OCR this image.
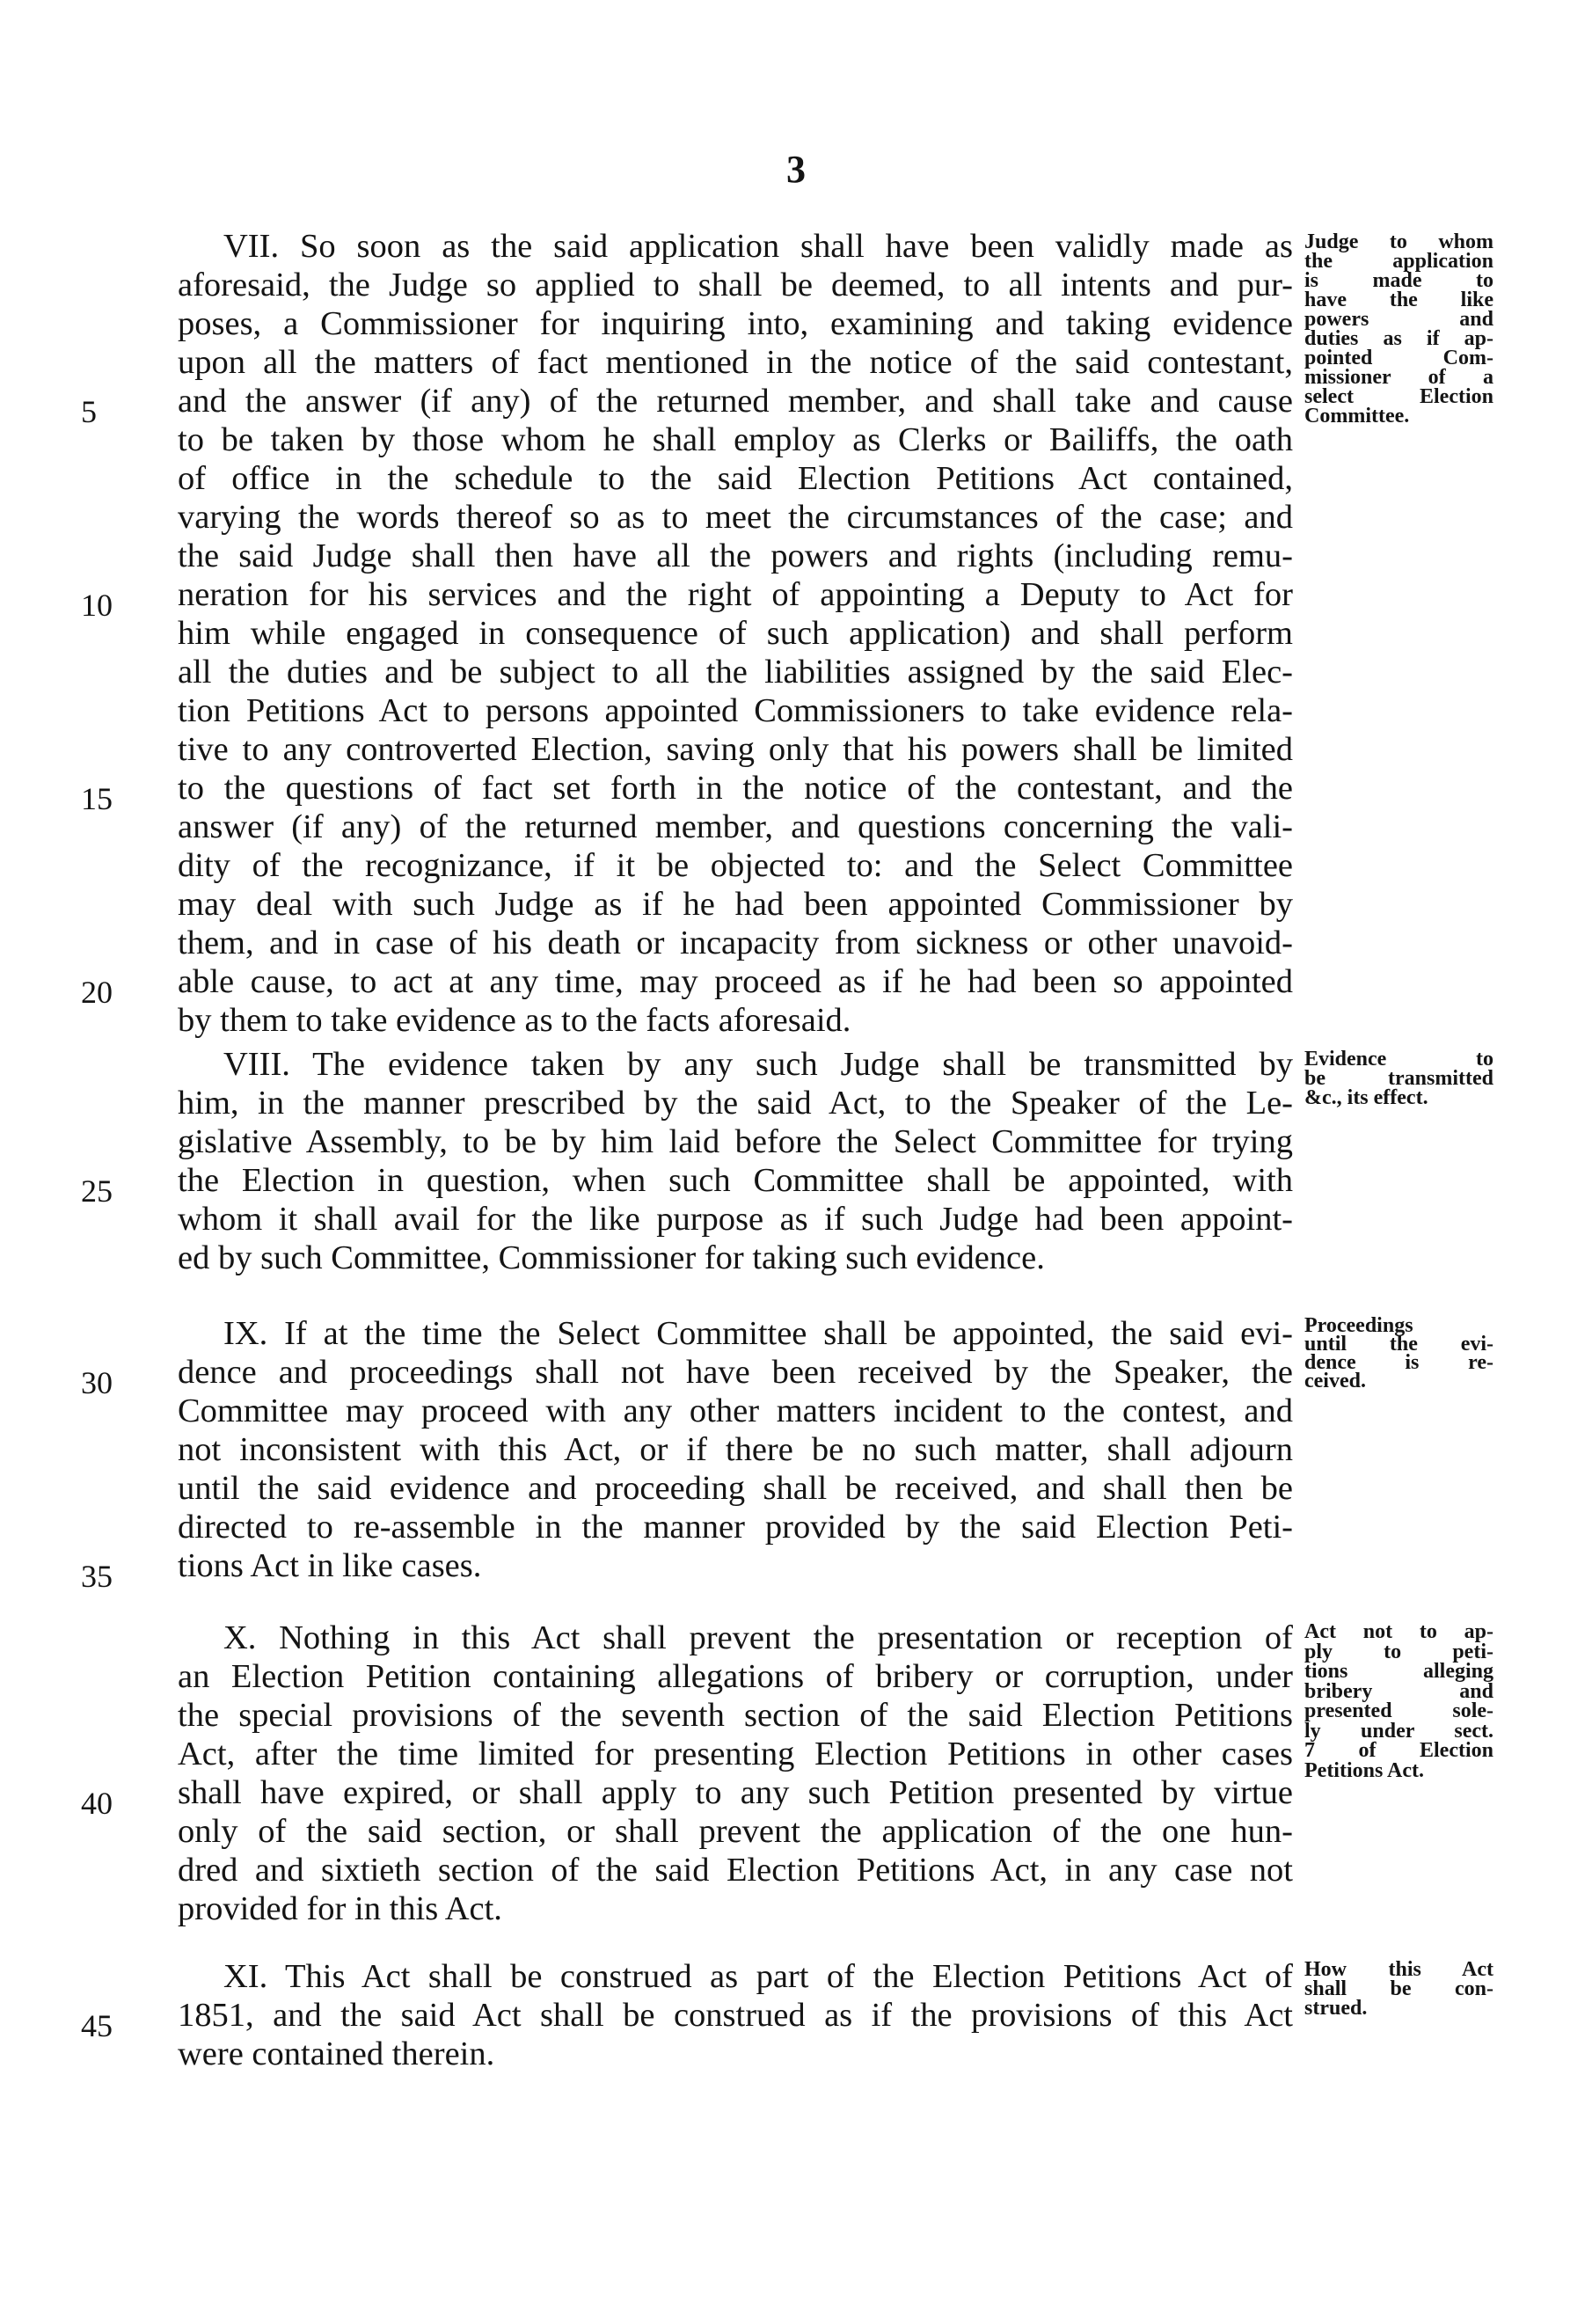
3
VII. So soon as the said application shall have been validly made as
aforesaid, the Judge so applied to shall be deemed, to all intents and pur-
poses, a Commissioner for inquiring into, examining and taking evidence
upon all the matters of fact mentioned in the notice of the said contestant,
and the answer (if any) of the returned member, and shall take and cause
5
to be taken by those whom he shall employ as Clerks or Bailiffs, the oath
of office in the schedule to the said Election Petitions Act contained,
varying the words thereof so as to meet the circumstances of the case; and
the said Judge shall then have all the powers and rights (including remu-
neration for his services and the right of appointing a Deputy to Act for
10
him while engaged in consequence of such application) and shall perform
all the duties and be subject to all the liabilities assigned by the said Elec-
tion Petitions Act to persons appointed Commissioners to take evidence rela-
tive to any controverted Election, saving only that his powers shall be limited
to the questions of fact set forth in the notice of the contestant, and the
15
answer (if any) of the returned member, and questions concerning the vali-
dity of the recognizance, if it be objected to: and the Select Committee
may deal with such Judge as if he had been appointed Commissioner by
them, and in case of his death or incapacity from sickness or other unavoid-
able cause, to act at any time, may proceed as if he had been so appointed
20
by them to take evidence as to the facts aforesaid.
Judge to whom
the application
is made to
have the like
powers and
duties as if ap-
pointed Com-
missioner of a
select Election
Committee.
VIII. The evidence taken by any such Judge shall be transmitted by
him, in the manner prescribed by the said Act, to the Speaker of the Le-
gislative Assembly, to be by him laid before the Select Committee for trying
the Election in question, when such Committee shall be appointed, with
25
whom it shall avail for the like purpose as if such Judge had been appoint-
ed by such Committee, Commissioner for taking such evidence.
Evidence to
be transmitted
&c., its effect.
IX. If at the time the Select Committee shall be appointed, the said evi-
dence and proceedings shall not have been received by the Speaker, the
30
Committee may proceed with any other matters incident to the contest, and
not inconsistent with this Act, or if there be no such matter, shall adjourn
until the said evidence and proceeding shall be received, and shall then be
directed to re-assemble in the manner provided by the said Election Peti-
tions Act in like cases.
35
Proceedings
until the evi-
dence is re-
ceived.
X. Nothing in this Act shall prevent the presentation or reception of
an Election Petition containing allegations of bribery or corruption, under
the special provisions of the seventh section of the said Election Petitions
Act, after the time limited for presenting Election Petitions in other cases
shall have expired, or shall apply to any such Petition presented by virtue
40
only of the said section, or shall prevent the application of the one hun-
dred and sixtieth section of the said Election Petitions Act, in any case not
provided for in this Act.
Act not to ap-
ply to peti-
tions alleging
bribery and
presented sole-
ly under sect.
7 of Election
Petitions Act.
XI. This Act shall be construed as part of the Election Petitions Act of
1851, and the said Act shall be construed as if the provisions of this Act
45
were contained therein.
How this Act
shall be con-
strued.
